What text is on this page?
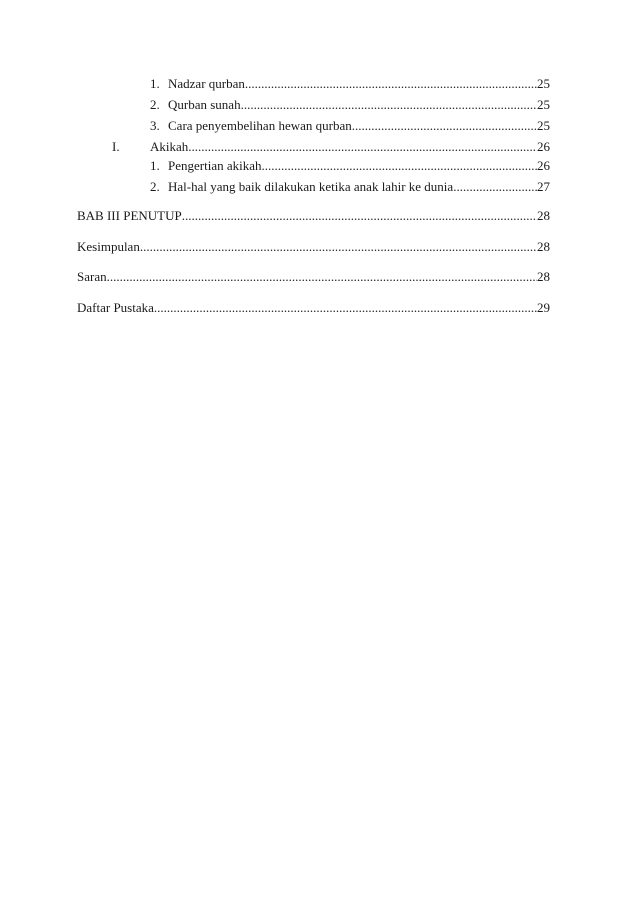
1. Nadzar qurban .....	25
2. Qurban sunah .....	25
3. Cara penyembelihan hewan qurban .....	25
I.	Akikah .....	26
1. Pengertian akikah .....	26
2. Hal-hal yang baik dilakukan ketika anak lahir ke dunia .....	27
BAB III PENUTUP .....	28
Kesimpulan .....	28
Saran .....	28
Daftar Pustaka .....	29
